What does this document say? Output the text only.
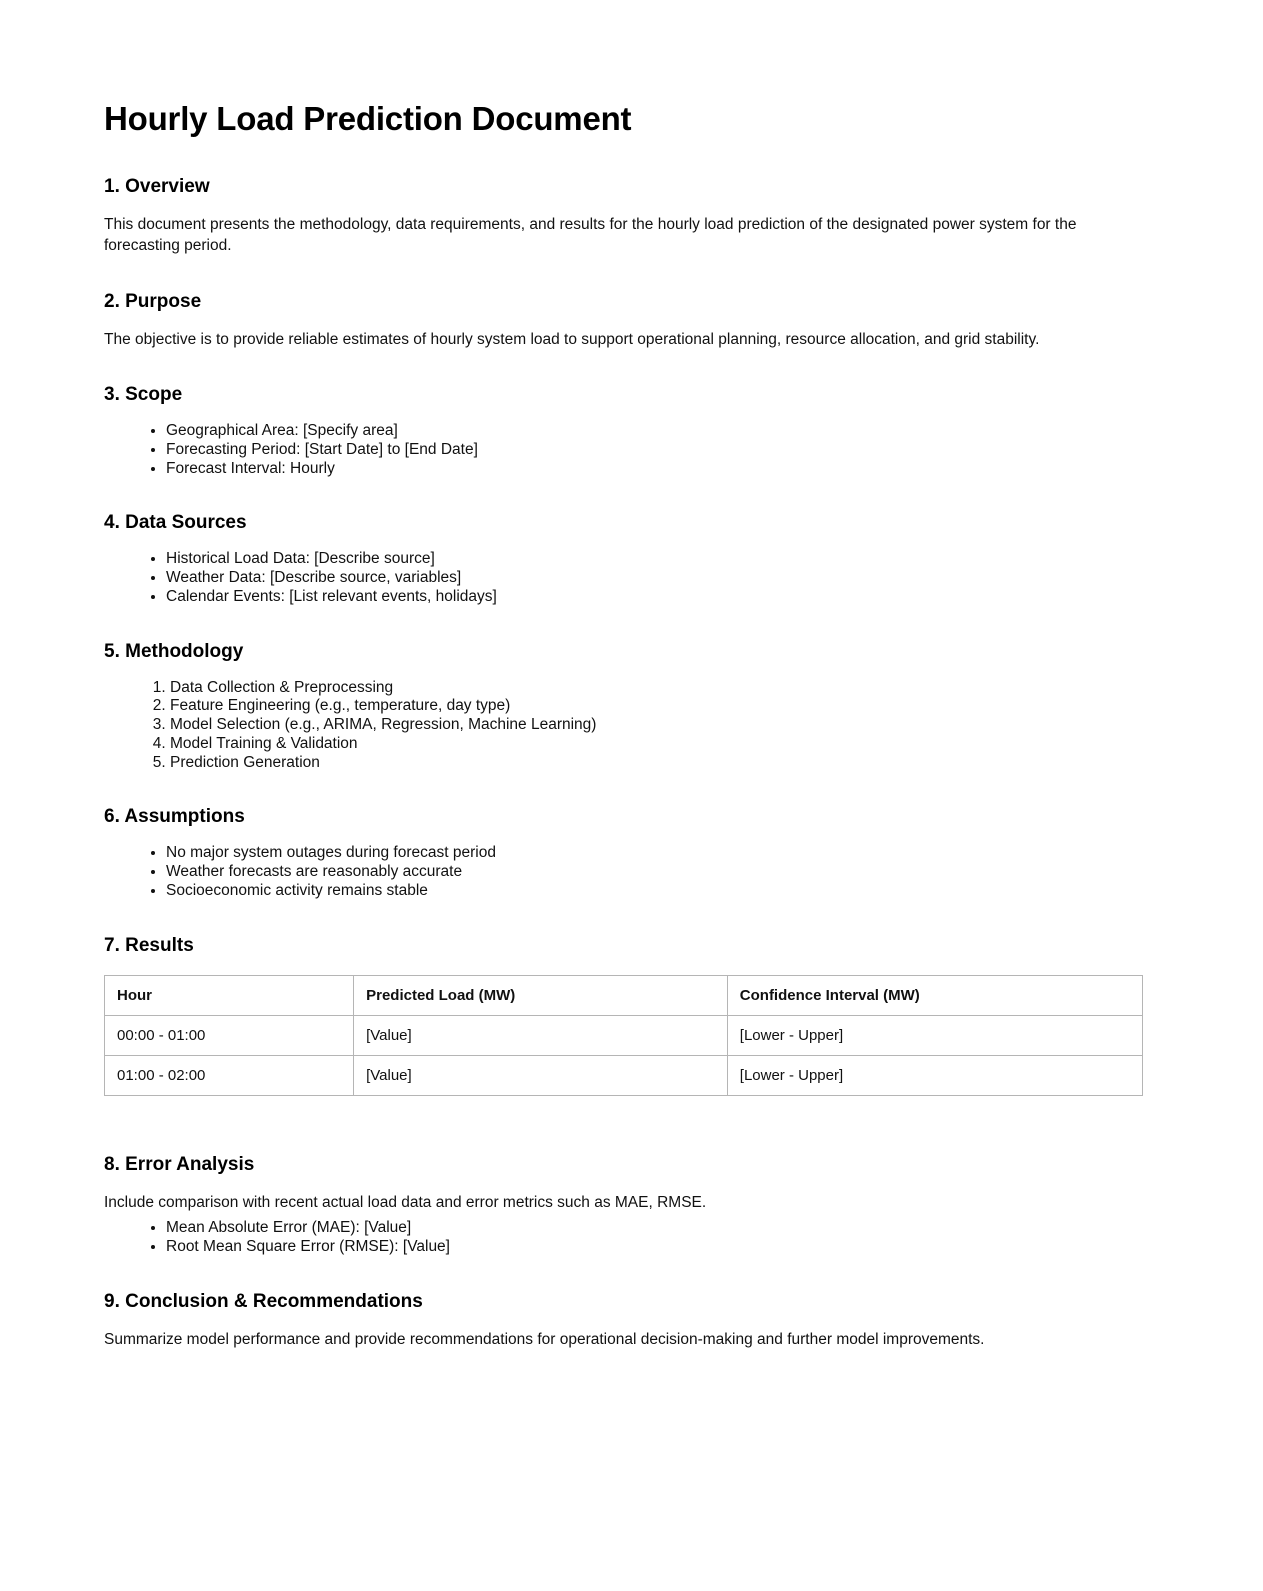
Hourly Load Prediction Document
1. Overview

This document presents the methodology, data requirements, and results for the hourly load prediction of the designated power system for the forecasting period.

2. Purpose

The objective is to provide reliable estimates of hourly system load to support operational planning, resource allocation, and grid stability.

3. Scope
• Geographical Area: [Specify area]
• Forecasting Period: [Start Date] to [End Date]
• Forecast Interval: Hourly
4. Data Sources
• Historical Load Data: [Describe source]
• Weather Data: [Describe source, variables]
• Calendar Events: [List relevant events, holidays]
5. Methodology
1. Data Collection & Preprocessing
2. Feature Engineering (e.g., temperature, day type)
3. Model Selection (e.g., ARIMA, Regression, Machine Learning)
4. Model Training & Validation
5. Prediction Generation
6. Assumptions
• No major system outages during forecast period
• Weather forecasts are reasonably accurate
• Socioeconomic activity remains stable
7. Results
Hour	Predicted Load (MW)	Confidence Interval (MW)
00:00 - 01:00	[Value]	[Lower - Upper]
01:00 - 02:00	[Value]	[Lower - Upper]
8. Error Analysis

Include comparison with recent actual load data and error metrics such as MAE, RMSE.

• Mean Absolute Error (MAE): [Value]
• Root Mean Square Error (RMSE): [Value]
9. Conclusion & Recommendations

Summarize model performance and provide recommendations for operational decision-making and further model improvements.
